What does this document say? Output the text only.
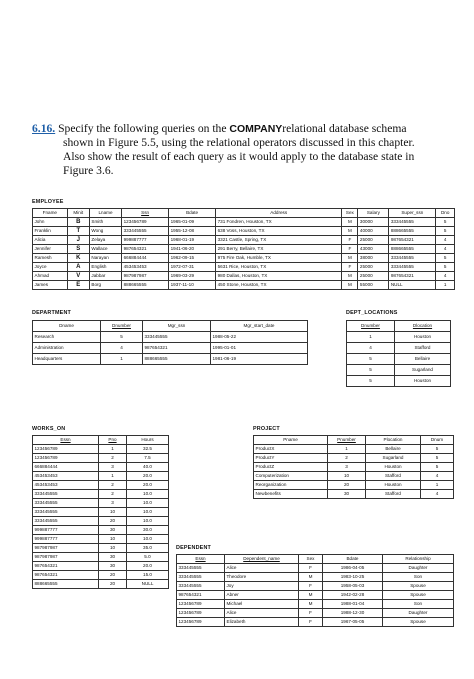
6.16. Specify the following queries on the COMPANYrelational database schema
shown in Figure 5.5, using the relational operators discussed in this chapter.
Also show the result of each query as it would apply to the database state in
Figure 3.6.
EMPLOYEE
Fname	Minit	Lname	Ssn	Bdate	Address	Sex	Salary	Super_ssn	Dno
John	B	Smith	123456789	1965-01-09	731 Fondren, Houston, TX	M	30000	333445555	5
Franklin	T	Wong	333445555	1955-12-08	638 Voss, Houston, TX	M	40000	888665555	5
Alicia	J	Zelaya	999887777	1968-01-19	3321 Castle, Spring, TX	F	25000	987654321	4
Jennifer	S	Wallace	987654321	1941-06-20	291 Berry, Bellaire, TX	F	43000	888665555	4
Ramesh	K	Narayan	666884444	1962-09-15	975 Fire Oak, Humble, TX	M	38000	333445555	5
Joyce	A	English	453453453	1972-07-31	5631 Rice, Houston, TX	F	25000	333445555	5
Ahmad	V	Jabbar	987987987	1969-03-29	980 Dallas, Houston, TX	M	25000	987654321	4
James	E	Borg	888665555	1937-11-10	450 Stone, Houston, TX	M	55000	NULL	1
DEPARTMENT
Dname	Dnumber	Mgr_ssn	Mgr_start_date
Research	5	333445555	1988-05-22
Administration	4	987654321	1995-01-01
Headquarters	1	888665555	1981-06-19
DEPT_LOCATIONS
Dnumber	Dlocation
1	Houston
4	Stafford
5	Bellaire
5	Sugarland
5	Houston
WORKS_ON
Essn	Pno	Hours
123456789	1	32.5
123456789	2	7.5
666884444	3	40.0
453453453	1	20.0
453453453	2	20.0
333445555	2	10.0
333445555	3	10.0
333445555	10	10.0
333445555	20	10.0
999887777	30	30.0
999887777	10	10.0
987987987	10	35.0
987987987	30	5.0
987654321	30	20.0
987654321	20	15.0
888665555	20	NULL
PROJECT
Pname	Pnumber	Plocation	Dnum
ProductX	1	Bellaire	5
ProductY	2	Sugarland	5
ProductZ	3	Houston	5
Computerization	10	Stafford	4
Reorganization	20	Houston	1
Newbenefits	30	Stafford	4
DEPENDENT
Essn	Dependent_name	Sex	Bdate	Relationship
333445555	Alice	F	1986-04-05	Daughter
333445555	Theodore	M	1983-10-25	Son
333445555	Joy	F	1958-05-03	Spouse
987654321	Abner	M	1942-02-28	Spouse
123456789	Michael	M	1988-01-04	Son
123456789	Alice	F	1988-12-30	Daughter
123456789	Elizabeth	F	1967-05-05	Spouse
